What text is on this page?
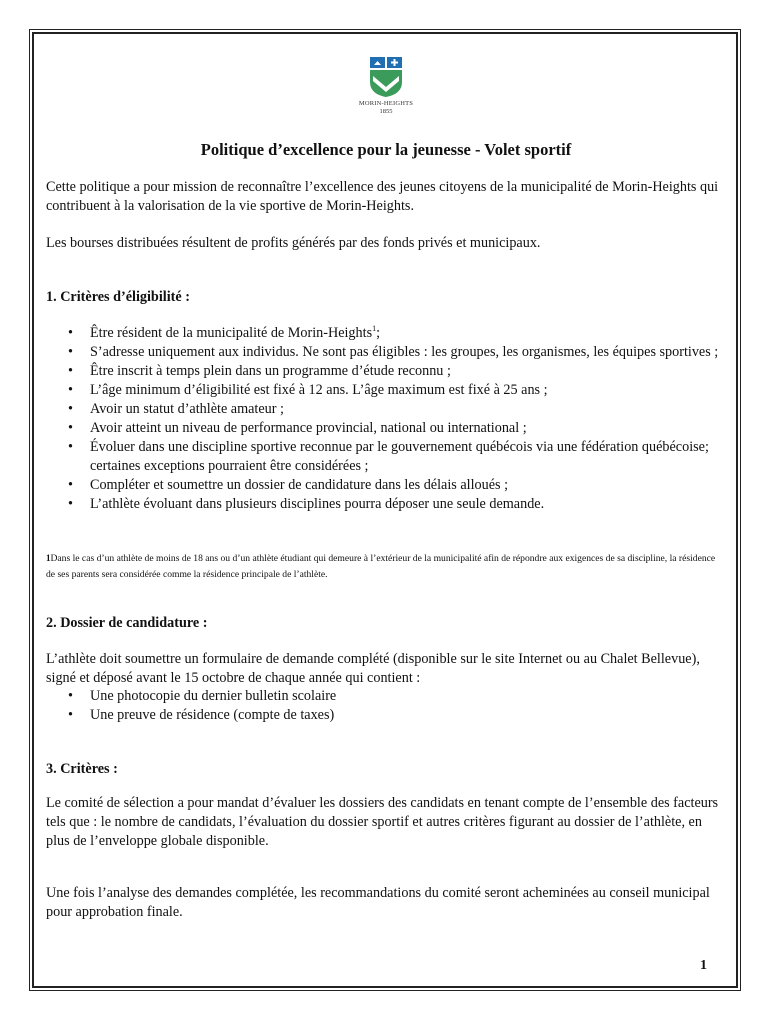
MORIN-HEIGHTS
1855
Politique d’excellence pour la jeunesse - Volet sportif
Cette politique a pour mission de reconnaître l’excellence des jeunes citoyens de la municipalité de Morin-Heights qui contribuent à la valorisation de la vie sportive de Morin-Heights.
Les bourses distribuées résultent de profits générés par des fonds privés et municipaux.
1. Critères d’éligibilité :
• Être résident de la municipalité de Morin-Heights$^1$;
• S’adresse uniquement aux individus. Ne sont pas éligibles : les groupes, les organismes, les équipes sportives ;
• Être inscrit à temps plein dans un programme d’étude reconnu ;
• L’âge minimum d’éligibilité est fixé à 12 ans. L’âge maximum est fixé à 25 ans ;
• Avoir un statut d’athlète amateur ;
• Avoir atteint un niveau de performance provincial, national ou international ;
• Évoluer dans une discipline sportive reconnue par le gouvernement québécois via une fédération québécoise; certaines exceptions pourraient être considérées ;
• Compléter et soumettre un dossier de candidature dans les délais alloués ;
• L’athlète évoluant dans plusieurs disciplines pourra déposer une seule demande.
1Dans le cas d’un athlète de moins de 18 ans ou d’un athlète étudiant qui demeure à l’extérieur de la municipalité afin de répondre aux exigences de sa discipline, la résidence de ses parents sera considérée comme la résidence principale de l’athlète.
2. Dossier de candidature :
L’athlète doit soumettre un formulaire de demande complété (disponible sur le site Internet ou au Chalet Bellevue), signé et déposé avant le 15 octobre de chaque année qui contient :
• Une photocopie du dernier bulletin scolaire
• Une preuve de résidence (compte de taxes)
3. Critères :
Le comité de sélection a pour mandat d’évaluer les dossiers des candidats en tenant compte de l’ensemble des facteurs tels que : le nombre de candidats, l’évaluation du dossier sportif et autres critères figurant au dossier de l’athlète, en plus de l’enveloppe globale disponible.
Une fois l’analyse des demandes complétée, les recommandations du comité seront acheminées au conseil municipal pour approbation finale.
1
